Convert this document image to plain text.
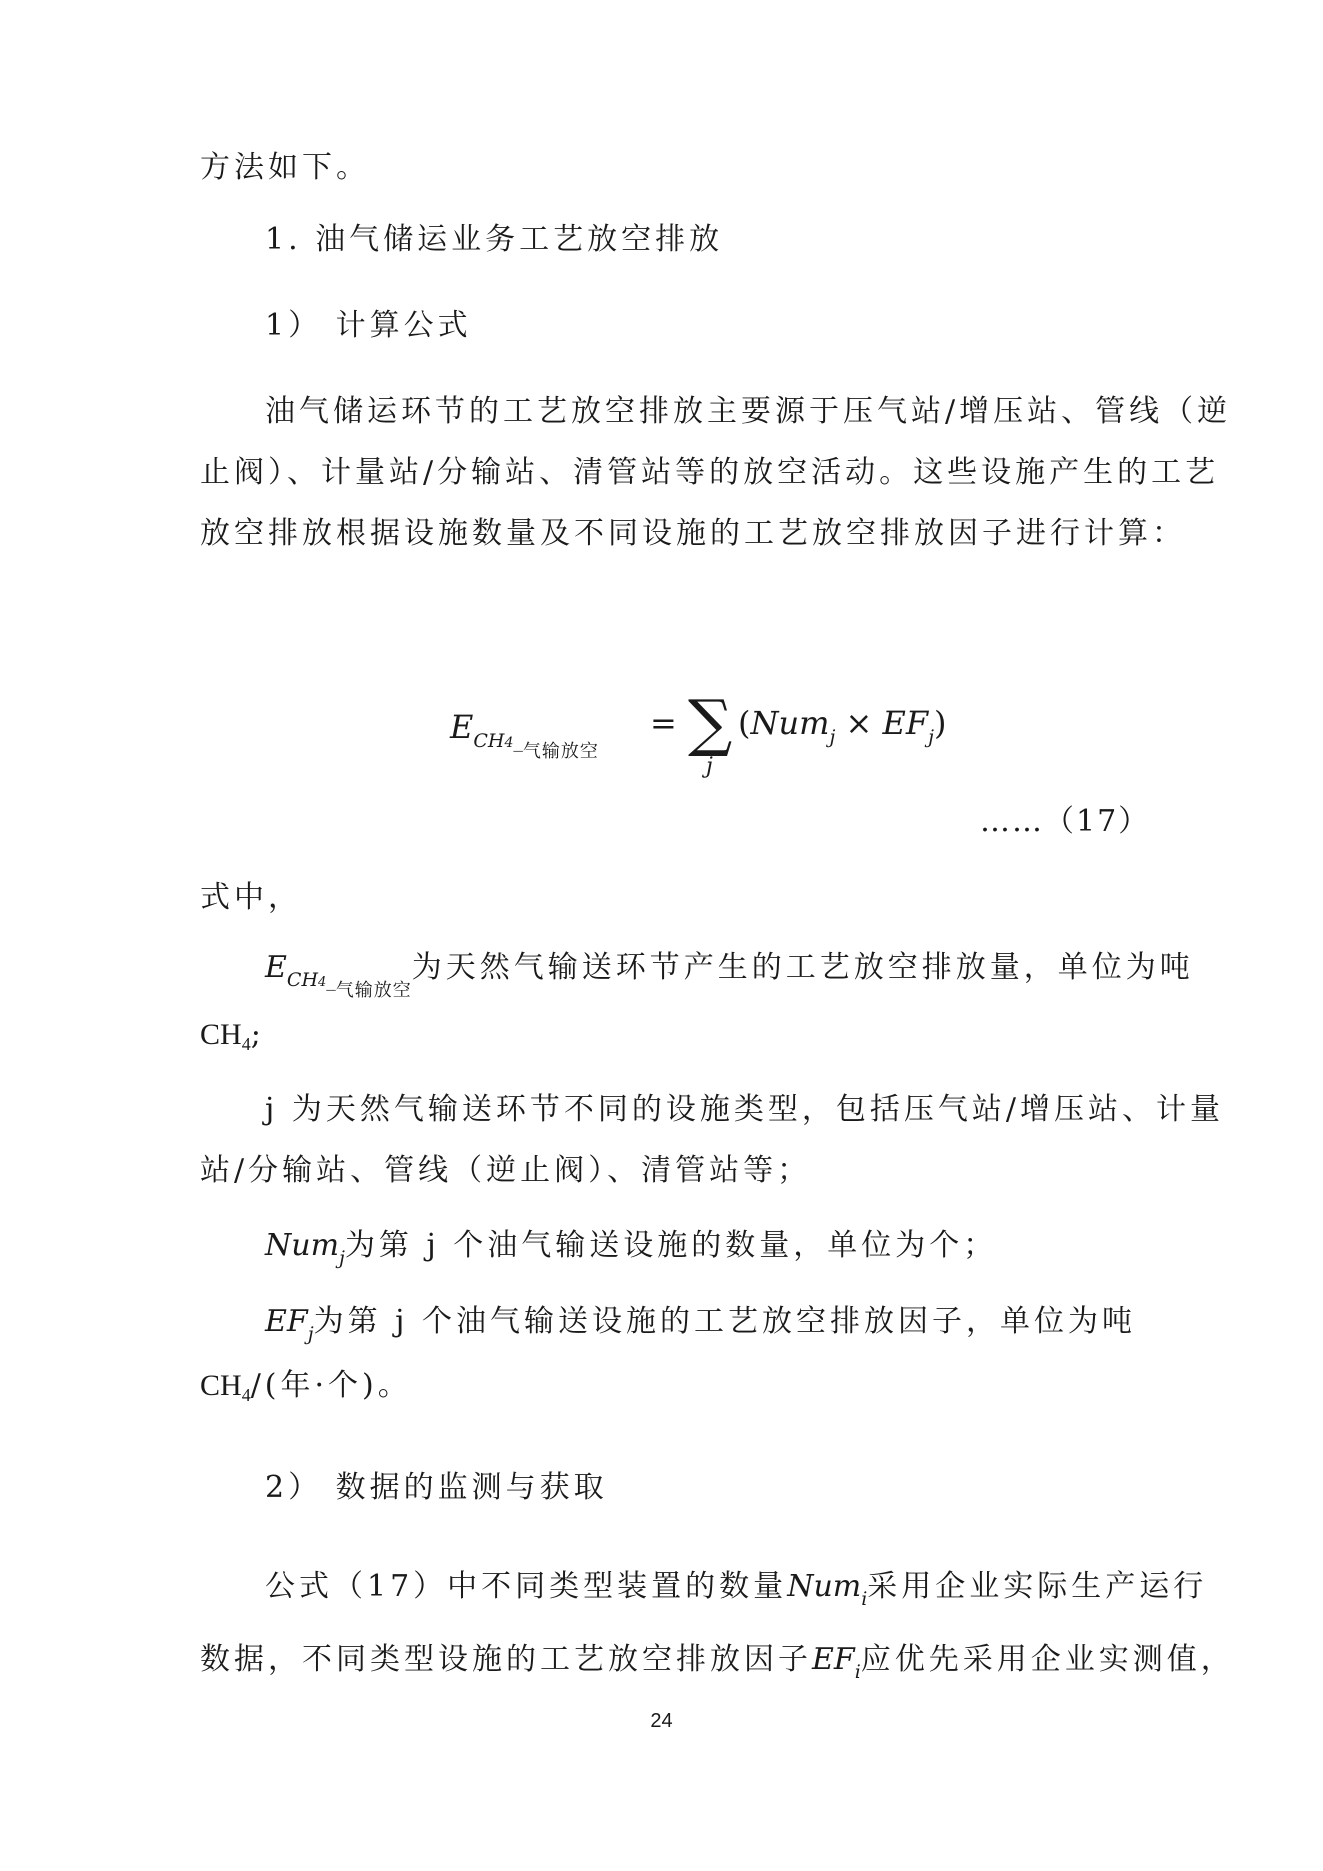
方法如下。
1. 油气储运业务工艺放空排放
1） 计算公式
油气储运环节的工艺放空排放主要源于压气站/增压站、管线（逆
止阀）、计量站/分输站、清管站等的放空活动。这些设施产生的工艺
放空排放根据设施数量及不同设施的工艺放空排放因子进行计算：
$E_{CH4\_气输放空}$
= ∑
j
$(Num_j \times EF_j)$
……（17）
式中，
$E_{CH4\_气输放空}$为天然气输送环节产生的工艺放空排放量，单位为吨
$CH_4$;
j 为天然气输送环节不同的设施类型，包括压气站/增压站、计量
站/分输站、管线（逆止阀）、清管站等；
Num$_j$为第 j 个油气输送设施的数量，单位为个；
$EF_j$为第 j 个油气输送设施的工艺放空排放因子，单位为吨
$CH_4/$(年·个)。
2） 数据的监测与获取
公式（17）中不同类型装置的数量Num$_i$采用企业实际生产运行
数据，不同类型设施的工艺放空排放因子$EF_i$应优先采用企业实测值，
24
